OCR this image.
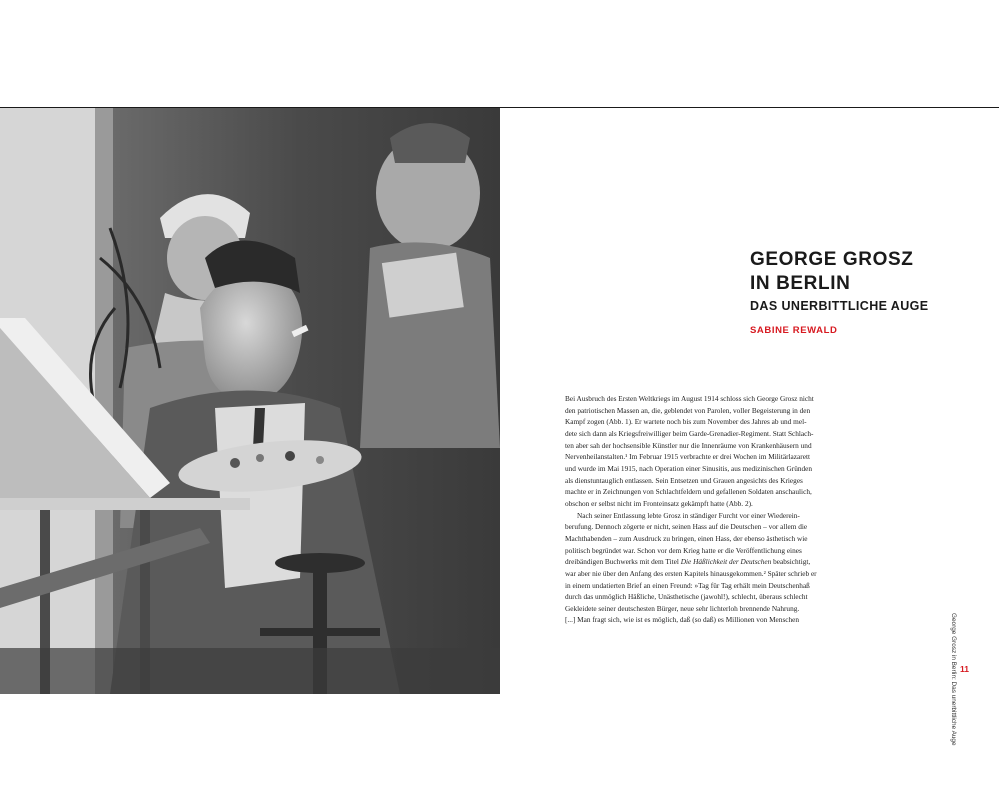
GEORGE GROSZ
IN BERLIN

DAS UNERBITTLICHE AUGE

SABINE REWALD

Bei Ausbruch des Ersten Weltkriegs im August 1914 schloss sich George Grosz nicht
den patriotischen Massen an, die, geblendet von Parolen, voller Begeisterung in den
Kampf zogen (Abb. 1). Er wartete noch bis zum November des Jahres ab und mel-
dete sich dann als Kriegsfreiwilliger beim Garde-Grenadier-Regiment. Statt Schlach-
ten aber sah der hochsensible Künstler nur die Innenräume von Krankenhäusern und
Nervenheilanstalten.¹ Im Februar 1915 verbrachte er drei Wochen im Militärlazarett
und wurde im Mai 1915, nach Operation einer Sinusitis, aus medizinischen Gründen
als dienstuntauglich entlassen. Sein Entsetzen und Grauen angesichts des Krieges
machte er in Zeichnungen von Schlachtfeldern und gefallenen Soldaten anschaulich,
obschon er selbst nicht im Fronteinsatz gekämpft hatte (Abb. 2).
Nach seiner Entlassung lebte Grosz in ständiger Furcht vor einer Wiederein-
berufung. Dennoch zögerte er nicht, seinen Hass auf die Deutschen – vor allem die
Machthabenden – zum Ausdruck zu bringen, einen Hass, der ebenso ästhetisch wie
politisch begründet war. Schon vor dem Krieg hatte er die Veröffentlichung eines
dreibändigen Buchwerks mit dem Titel Die Häßlichkeit der Deutschen beabsichtigt,
war aber nie über den Anfang des ersten Kapitels hinausgekommen.² Später schrieb er
in einem undatierten Brief an einen Freund: »Tag für Tag erhält mein Deutschenhaß
durch das unmöglich Häßliche, Unästhetische (jawohl!), schlecht, überaus schlecht
Gekleidete seiner deutschesten Bürger, neue sehr lichterloh brennende Nahrung.
[...] Man fragt sich, wie ist es möglich, daß (so daß) es Millionen von Menschen	George Grosz in Berlin: Das unerbittliche Auge 11
